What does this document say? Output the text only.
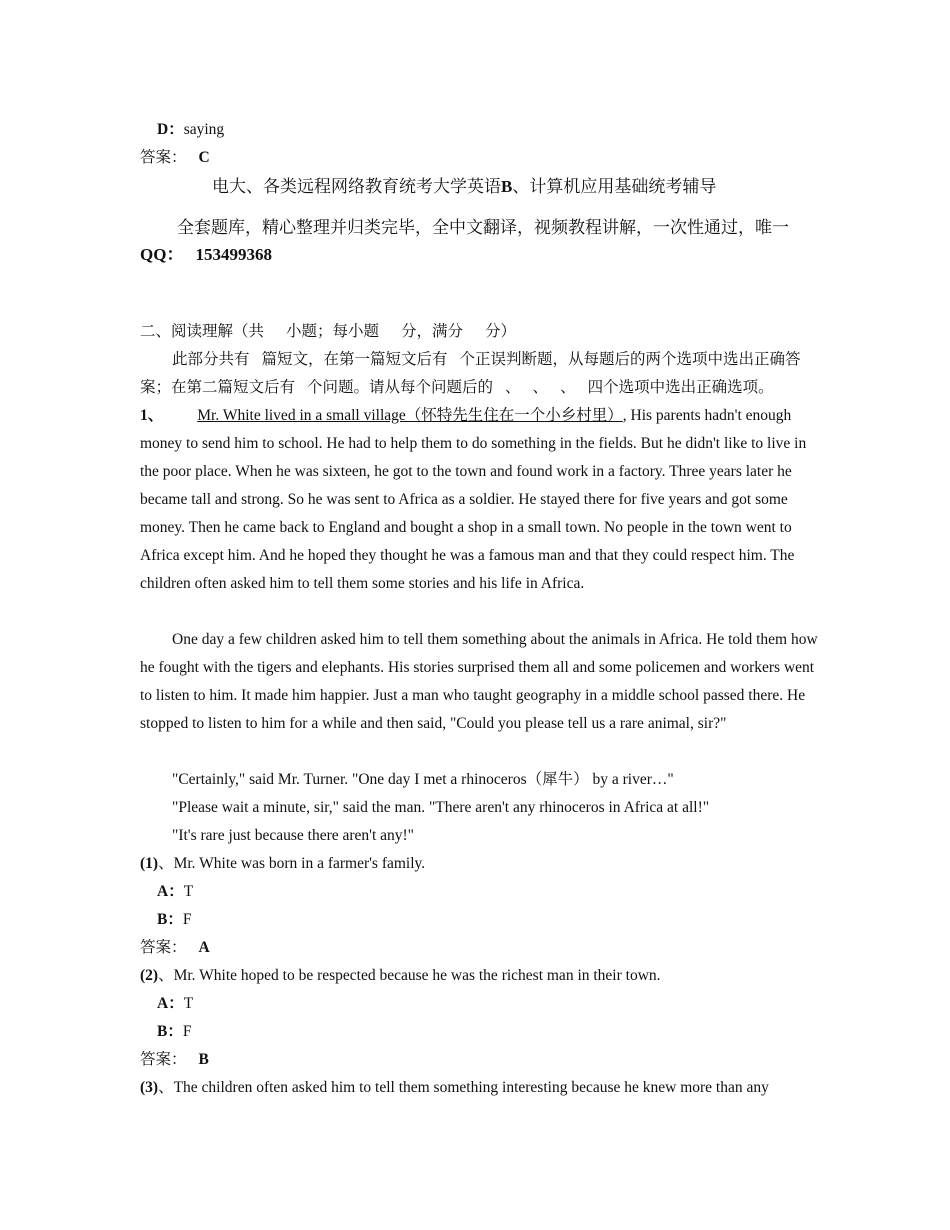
D：saying
答案： C
电大、各类远程网络教育统考大学英语B、计算机应用基础统考辅导
全套题库，精心整理并归类完毕，全中文翻译，视频教程讲解，一次性通过，唯一QQ： 153499368
二、阅读理解（共 小题；每小题 分，满分 分）
此部分共有 篇短文，在第一篇短文后有 个正误判断题，从每题后的两个选项中选出正确答案；在第二篇短文后有 个问题。请从每个问题后的 、 、 、 四个选项中选出正确选项。
1、 Mr. White lived in a small village（怀特先生住在一个小乡村里）, His parents hadn't enough money to send him to school. He had to help them to do something in the fields. But he didn't like to live in the poor place. When he was sixteen, he got to the town and found work in a factory. Three years later he became tall and strong. So he was sent to Africa as a soldier. He stayed there for five years and got some money. Then he came back to England and bought a shop in a small town. No people in the town went to Africa except him. And he hoped they thought he was a famous man and that they could respect him. The children often asked him to tell them some stories and his life in Africa.
One day a few children asked him to tell them something about the animals in Africa. He told them how he fought with the tigers and elephants. His stories surprised them all and some policemen and workers went to listen to him. It made him happier. Just a man who taught geography in a middle school passed there. He stopped to listen to him for a while and then said, "Could you please tell us a rare animal, sir?"
"Certainly," said Mr. Turner. "One day I met a rhinoceros（犀牛） by a river…"
"Please wait a minute, sir," said the man. "There aren't any rhinoceros in Africa at all!"
"It's rare just because there aren't any!"
(1)、Mr. White was born in a farmer's family.
A：T
B：F
答案： A
(2)、Mr. White hoped to be respected because he was the richest man in their town.
A：T
B：F
答案： B
(3)、The children often asked him to tell them something interesting because he knew more than any
